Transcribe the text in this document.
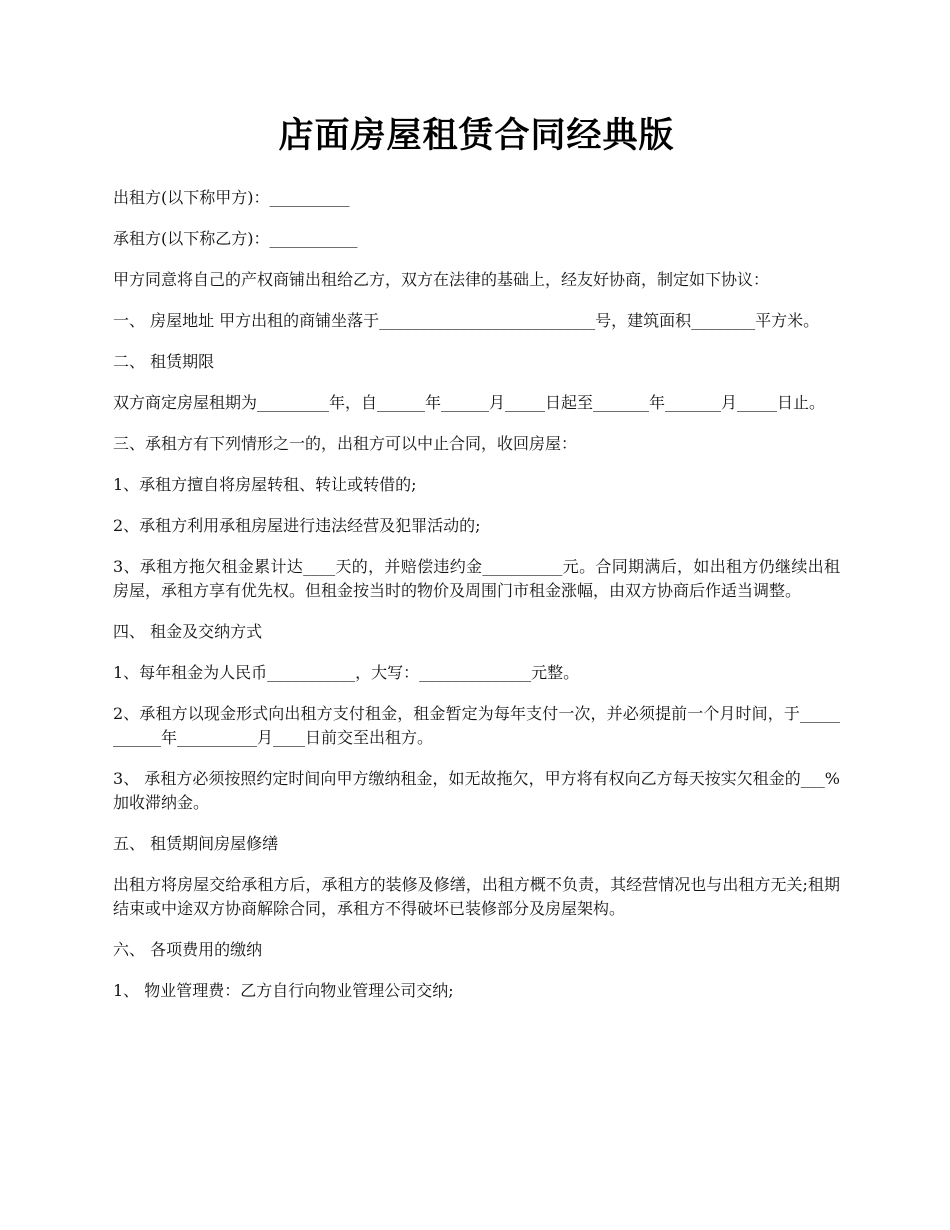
店面房屋租赁合同经典版

出租方(以下称甲方)：__________

承租方(以下称乙方)：___________

甲方同意将自己的产权商铺出租给乙方，双方在法律的基础上，经友好协商，制定如下协议：

一、 房屋地址 甲方出租的商铺坐落于___________________________号，建筑面积________平方米。

二、 租赁期限

双方商定房屋租期为_________年，自______年______月_____日起至_______年_______月_____日止。

三、承租方有下列情形之一的，出租方可以中止合同，收回房屋：

1、承租方擅自将房屋转租、转让或转借的;

2、承租方利用承租房屋进行违法经营及犯罪活动的;

3、承租方拖欠租金累计达____天的，并赔偿违约金__________元。合同期满后，如出租方仍继续出租房屋，承租方享有优先权。但租金按当时的物价及周围门市租金涨幅，由双方协商后作适当调整。

四、 租金及交纳方式

1、每年租金为人民币___________，大写：______________元整。

2、承租方以现金形式向出租方支付租金，租金暂定为每年支付一次，并必须提前一个月时间，于___________年__________月____日前交至出租方。

3、 承租方必须按照约定时间向甲方缴纳租金，如无故拖欠，甲方将有权向乙方每天按实欠租金的___%加收滞纳金。

五、 租赁期间房屋修缮

出租方将房屋交给承租方后，承租方的装修及修缮，出租方概不负责，其经营情况也与出租方无关;租期结束或中途双方协商解除合同，承租方不得破坏已装修部分及房屋架构。

六、 各项费用的缴纳

1、 物业管理费：乙方自行向物业管理公司交纳;
